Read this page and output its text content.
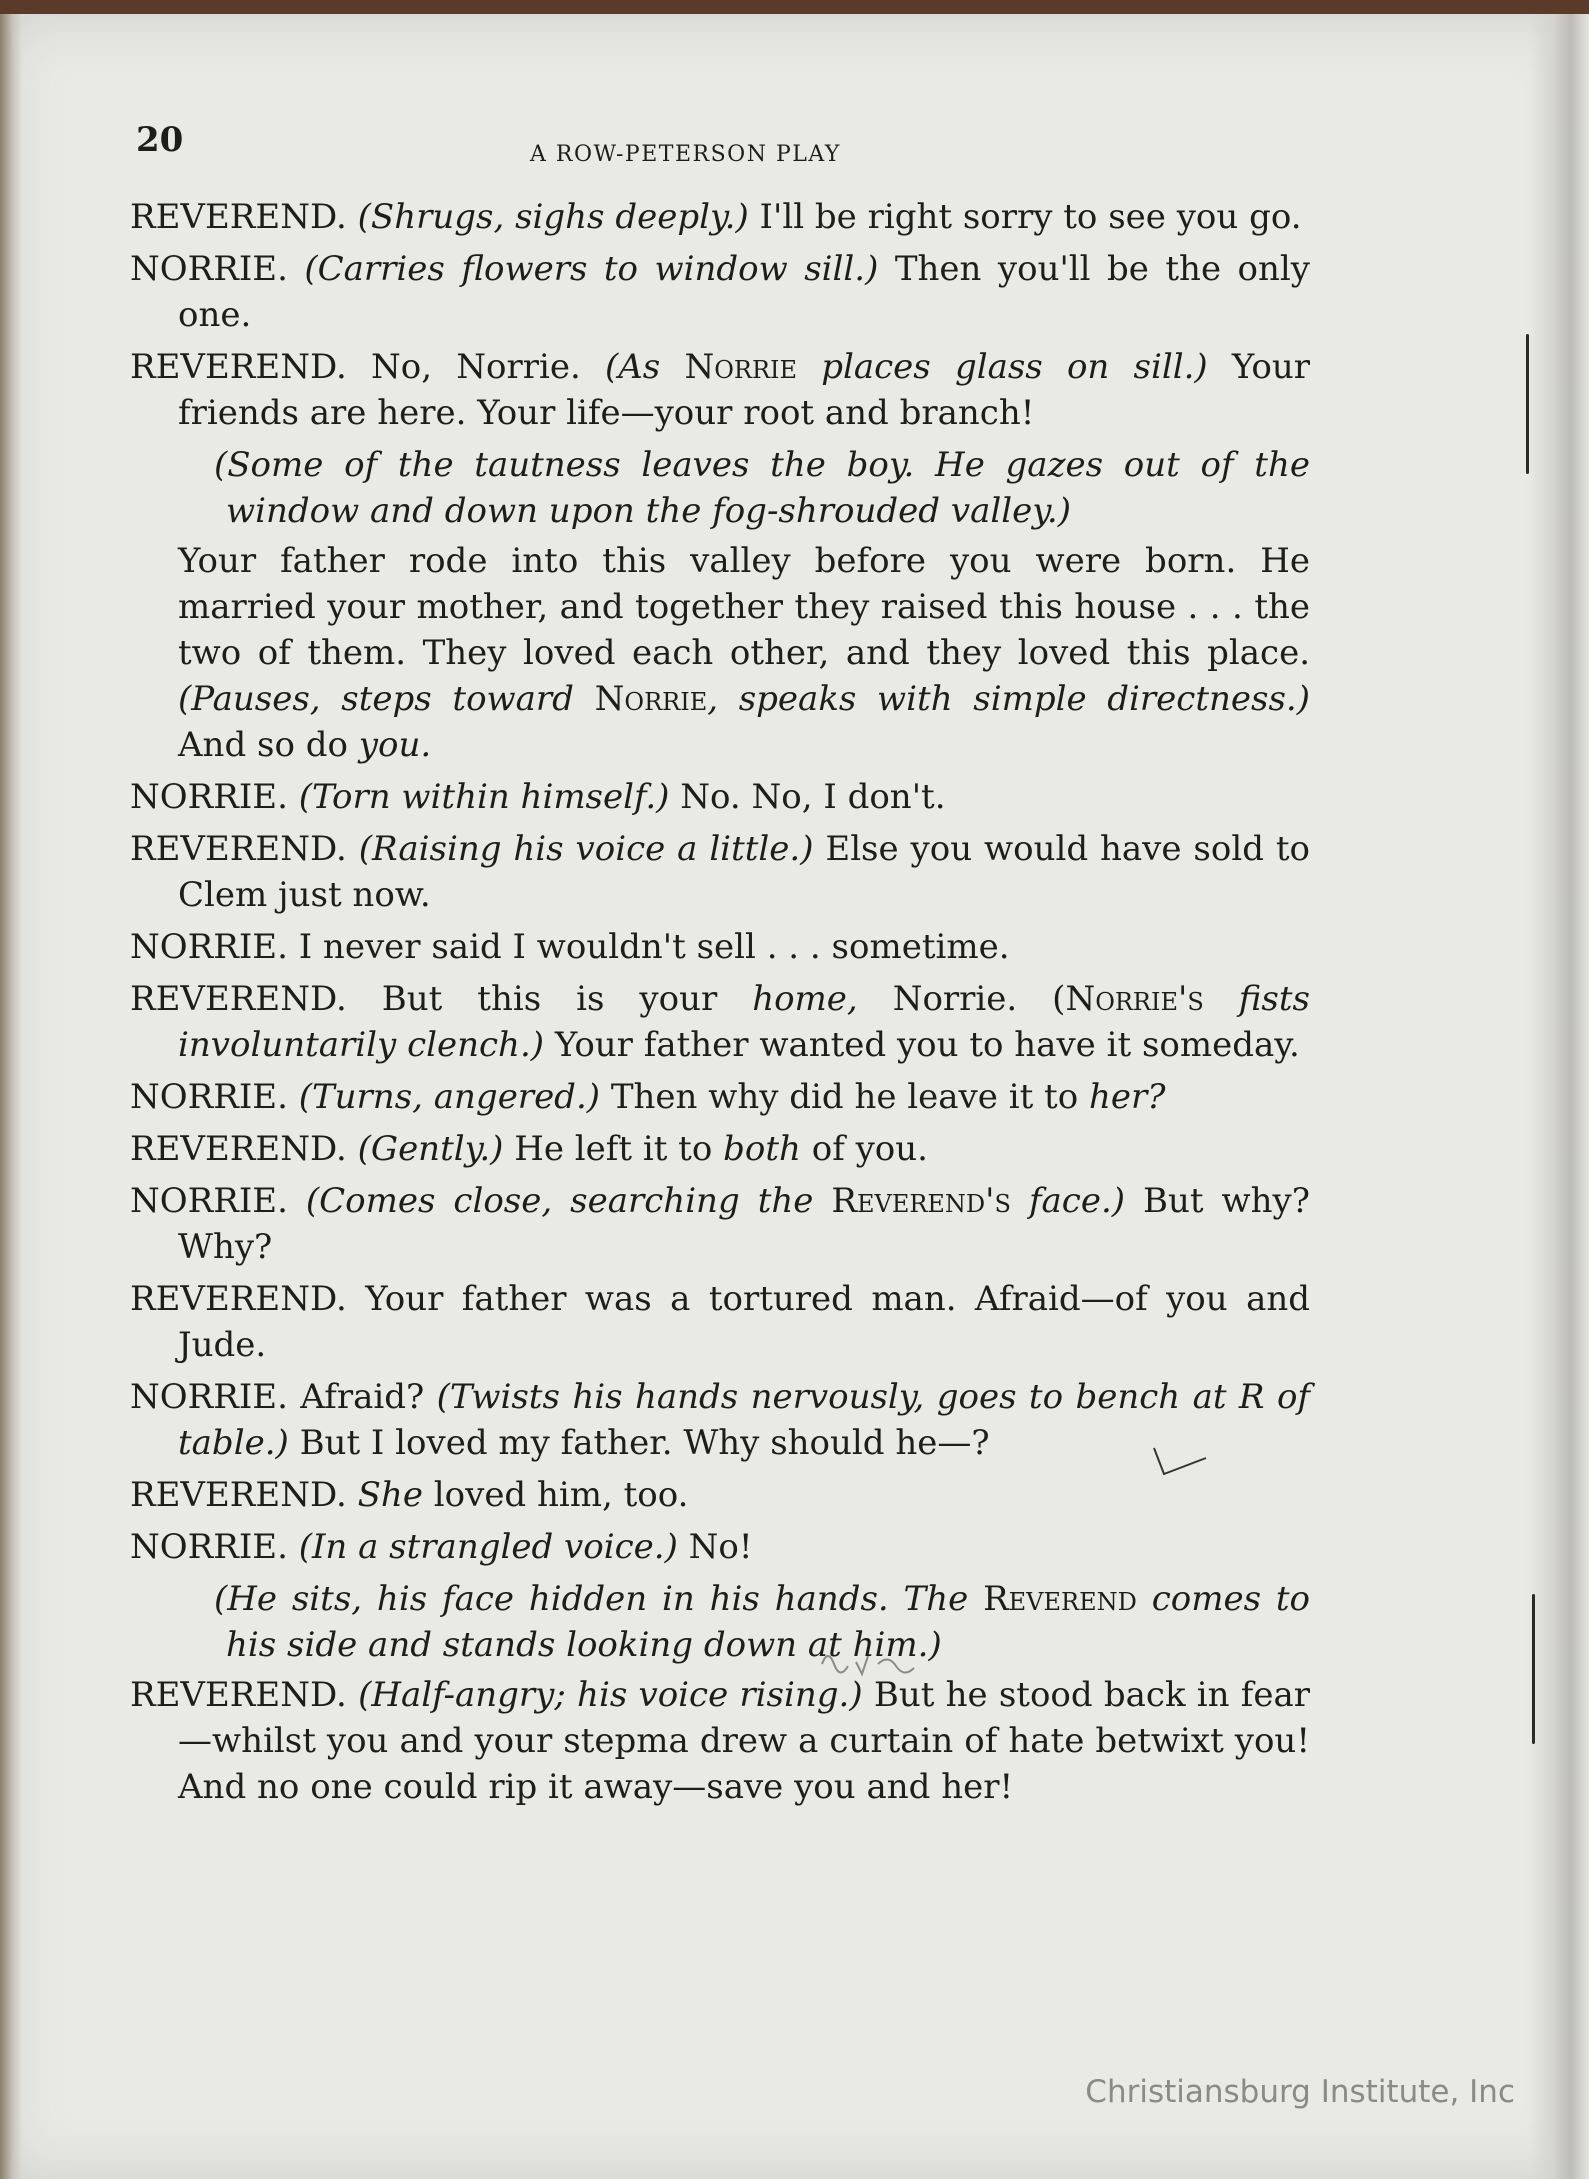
20	A ROW-PETERSON PLAY

REVEREND. (Shrugs, sighs deeply.) I'll be right sorry to see you go.

NORRIE. (Carries flowers to window sill.) Then you'll be the only one.

REVEREND. No, Norrie. (As Norrie places glass on sill.) Your friends are here. Your life—your root and branch!

(Some of the tautness leaves the boy. He gazes out of the window and down upon the fog-shrouded valley.)

Your father rode into this valley before you were born. He married your mother, and together they raised this house . . . the two of them. They loved each other, and they loved this place. (Pauses, steps toward Norrie, speaks with simple directness.) And so do you.

NORRIE. (Torn within himself.) No. No, I don't.

REVEREND. (Raising his voice a little.) Else you would have sold to Clem just now.

NORRIE. I never said I wouldn't sell . . . sometime.

REVEREND. But this is your home, Norrie. (Norrie's fists involuntarily clench.) Your father wanted you to have it someday.

NORRIE. (Turns, angered.) Then why did he leave it to her?

REVEREND. (Gently.) He left it to both of you.

NORRIE. (Comes close, searching the Reverend's face.) But why? Why?

REVEREND. Your father was a tortured man. Afraid—of you and Jude.

NORRIE. Afraid? (Twists his hands nervously, goes to bench at R of table.) But I loved my father. Why should he—?

REVEREND. She loved him, too.

NORRIE. (In a strangled voice.) No!

(He sits, his face hidden in his hands. The Reverend comes to his side and stands looking down at him.)

REVEREND. (Half-angry; his voice rising.) But he stood back in fear—whilst you and your stepma drew a curtain of hate betwixt you! And no one could rip it away—save you and her!

Christiansburg Institute, Inc
